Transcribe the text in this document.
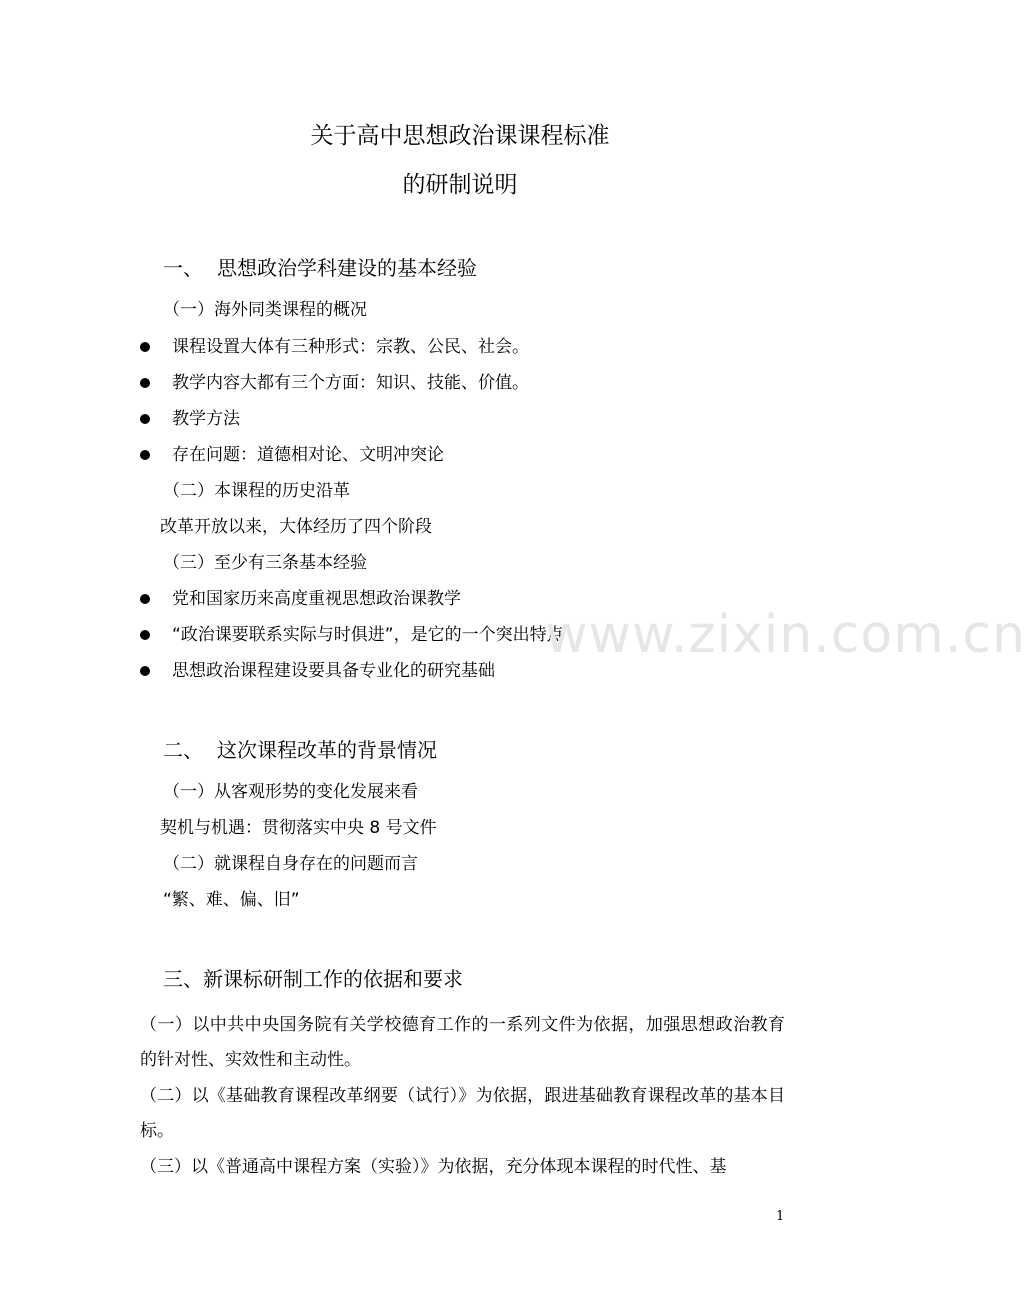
关于高中思想政治课课程标准
的研制说明
一、 思想政治学科建设的基本经验
（一）海外同类课程的概况
课程设置大体有三种形式：宗教、公民、社会。
教学内容大都有三个方面：知识、技能、价值。
教学方法
存在问题：道德相对论、文明冲突论
（二）本课程的历史沿革
改革开放以来，大体经历了四个阶段
（三）至少有三条基本经验
党和国家历来高度重视思想政治课教学
“政治课要联系实际与时俱进”，是它的一个突出特点
思想政治课程建设要具备专业化的研究基础
二、 这次课程改革的背景情况
（一）从客观形势的变化发展来看
契机与机遇：贯彻落实中央 8 号文件
（二）就课程自身存在的问题而言
“繁、难、偏、旧”
三、新课标研制工作的依据和要求
（一）以中共中央国务院有关学校德育工作的一系列文件为依据，加强思想政治教育的针对性、实效性和主动性。
（二）以《基础教育课程改革纲要（试行）》为依据，跟进基础教育课程改革的基本目标。
（三）以《普通高中课程方案（实验）》为依据，充分体现本课程的时代性、基
www.zixin.com.cn
1
